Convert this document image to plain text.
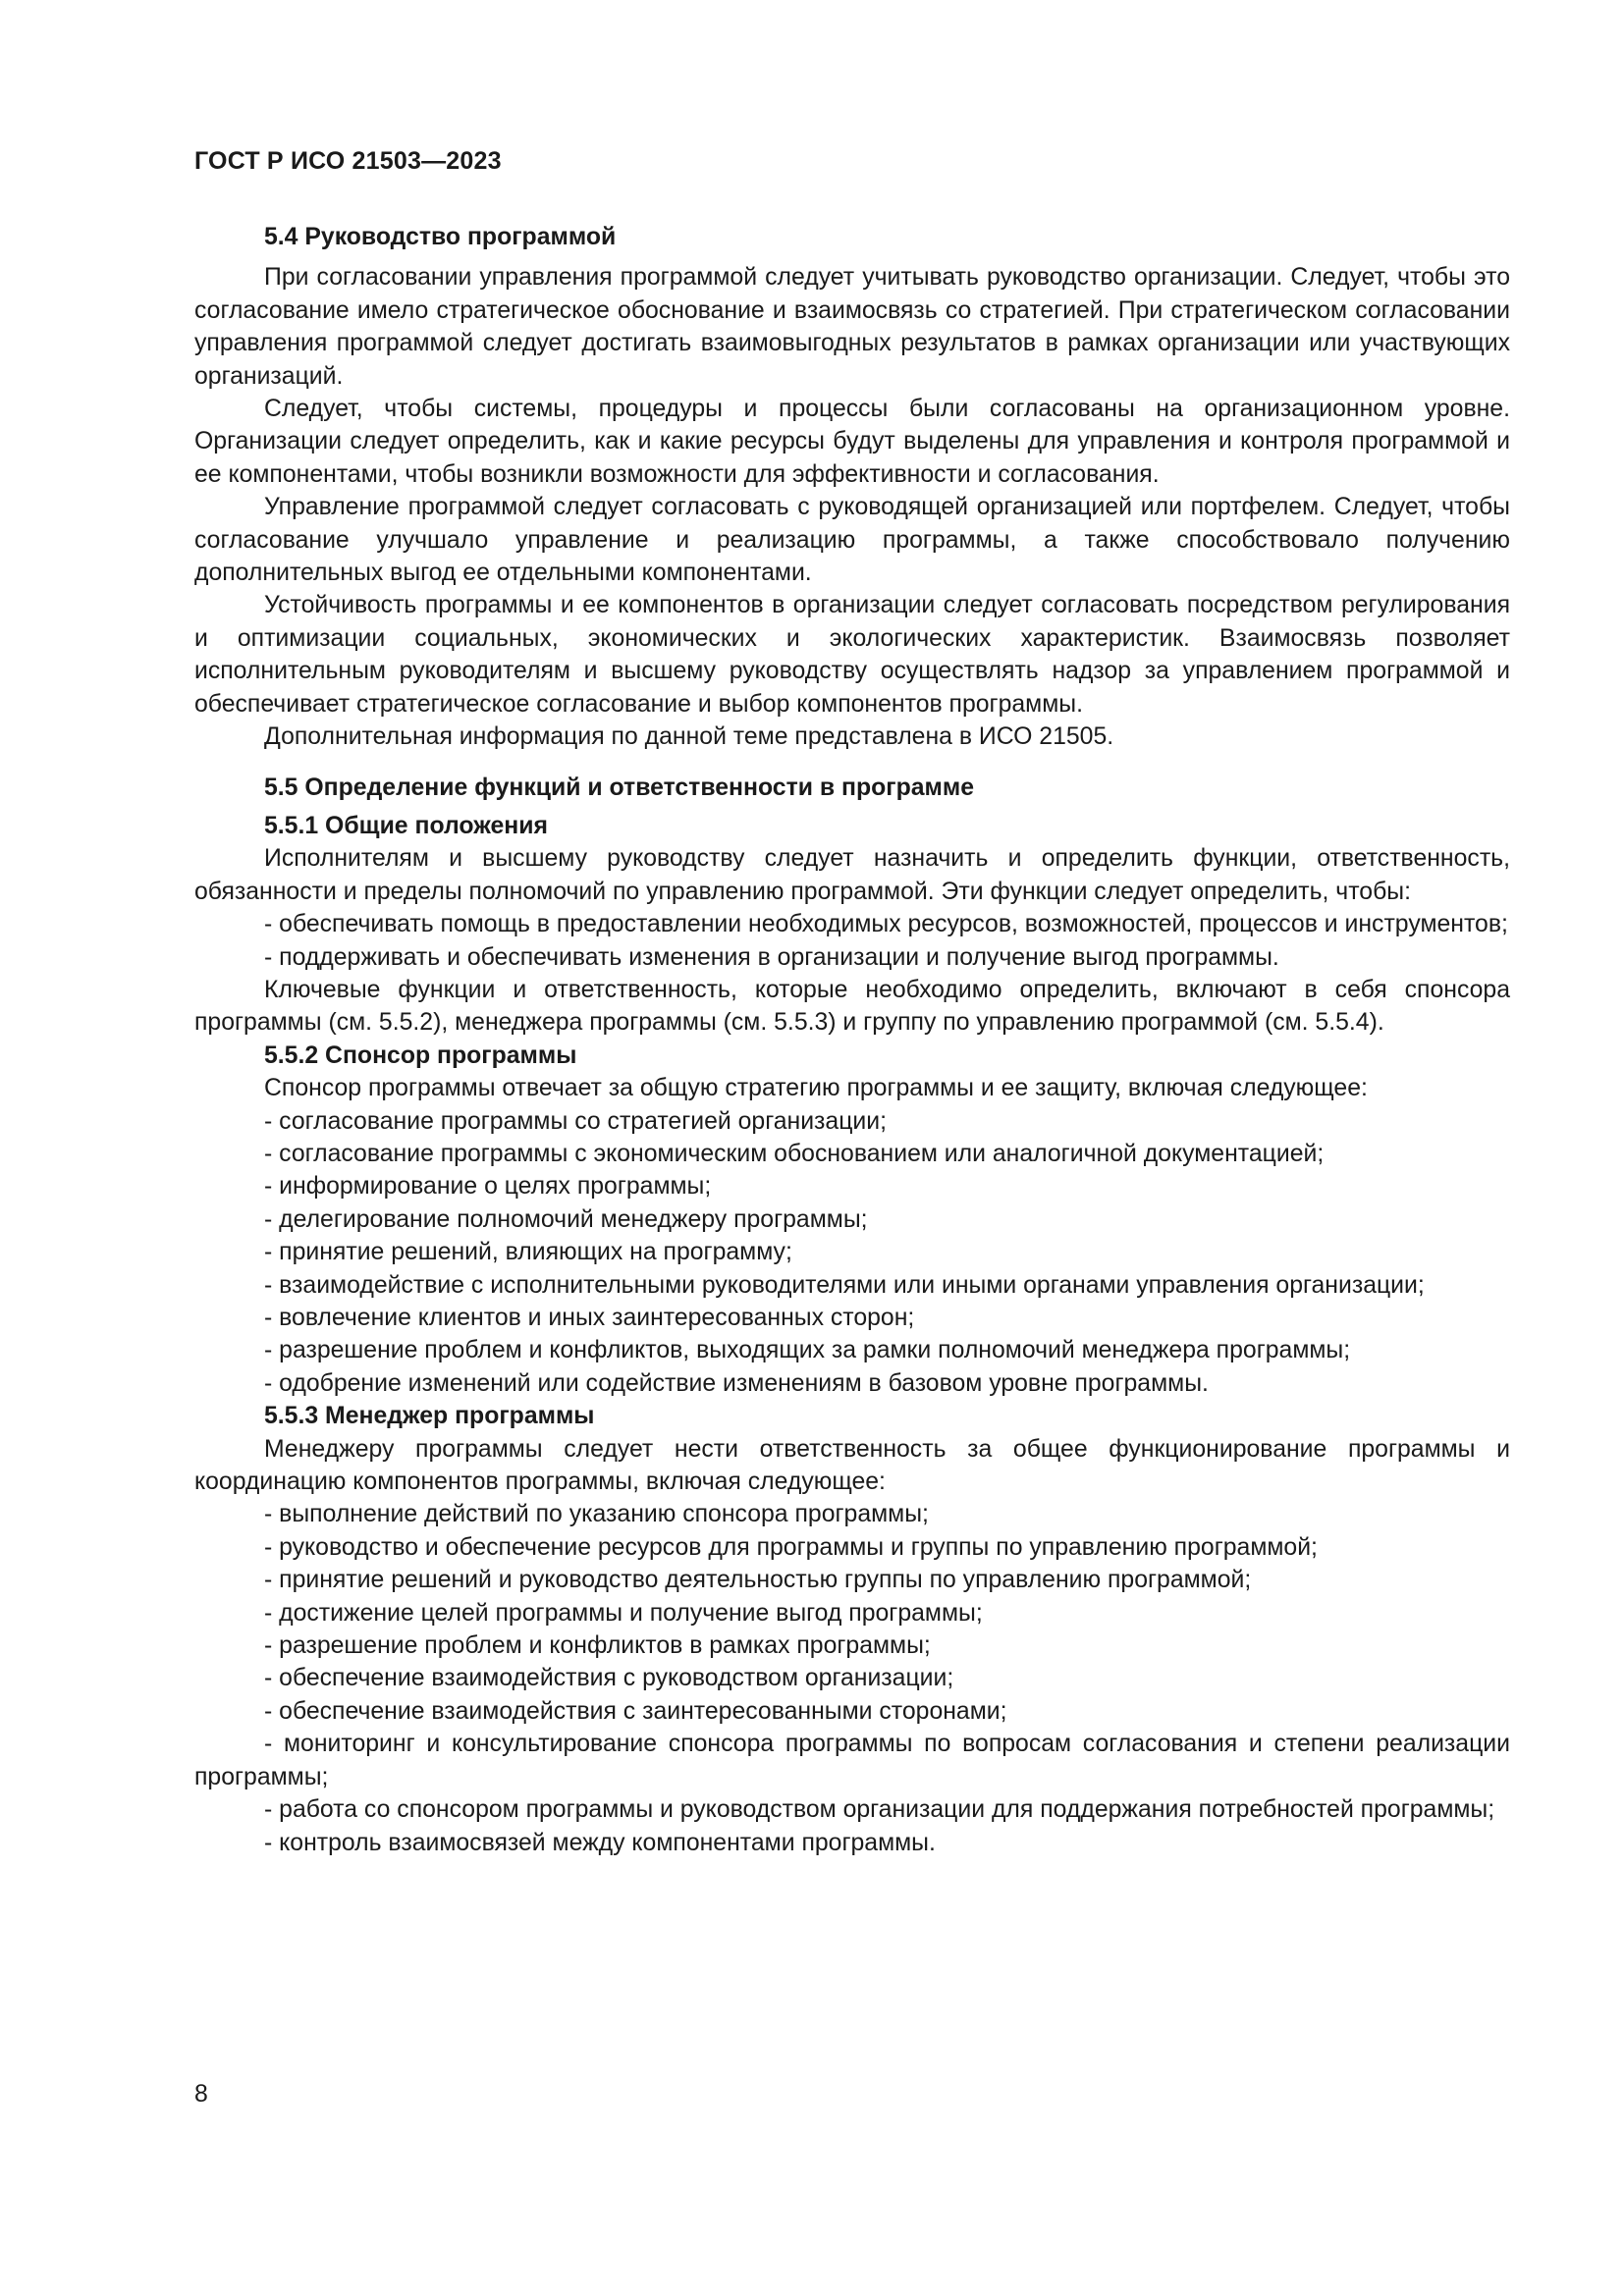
ГОСТ Р ИСО 21503—2023
5.4 Руководство программой

При согласовании управления программой следует учитывать руководство организации. Следует, чтобы это согласование имело стратегическое обоснование и взаимосвязь со стратегией. При стратегическом согласовании управления программой следует достигать взаимовыгодных результатов в рамках организации или участвующих организаций.

Следует, чтобы системы, процедуры и процессы были согласованы на организационном уровне. Организации следует определить, как и какие ресурсы будут выделены для управления и контроля программой и ее компонентами, чтобы возникли возможности для эффективности и согласования.

Управление программой следует согласовать с руководящей организацией или портфелем. Следует, чтобы согласование улучшало управление и реализацию программы, а также способствовало получению дополнительных выгод ее отдельными компонентами.

Устойчивость программы и ее компонентов в организации следует согласовать посредством регулирования и оптимизации социальных, экономических и экологических характеристик. Взаимосвязь позволяет исполнительным руководителям и высшему руководству осуществлять надзор за управлением программой и обеспечивает стратегическое согласование и выбор компонентов программы.

Дополнительная информация по данной теме представлена в ИСО 21505.

5.5 Определение функций и ответственности в программе
5.5.1 Общие положения

Исполнителям и высшему руководству следует назначить и определить функции, ответственность, обязанности и пределы полномочий по управлению программой. Эти функции следует определить, чтобы:

- обеспечивать помощь в предоставлении необходимых ресурсов, возможностей, процессов и инструментов;

- поддерживать и обеспечивать изменения в организации и получение выгод программы.

Ключевые функции и ответственность, которые необходимо определить, включают в себя спонсора программы (см. 5.5.2), менеджера программы (см. 5.5.3) и группу по управлению программой (см. 5.5.4).

5.5.2 Спонсор программы

Спонсор программы отвечает за общую стратегию программы и ее защиту, включая следующее:

- согласование программы со стратегией организации;

- согласование программы с экономическим обоснованием или аналогичной документацией;

- информирование о целях программы;

- делегирование полномочий менеджеру программы;

- принятие решений, влияющих на программу;

- взаимодействие с исполнительными руководителями или иными органами управления организации;

- вовлечение клиентов и иных заинтересованных сторон;

- разрешение проблем и конфликтов, выходящих за рамки полномочий менеджера программы;

- одобрение изменений или содействие изменениям в базовом уровне программы.

5.5.3 Менеджер программы

Менеджеру программы следует нести ответственность за общее функционирование программы и координацию компонентов программы, включая следующее:

- выполнение действий по указанию спонсора программы;

- руководство и обеспечение ресурсов для программы и группы по управлению программой;

- принятие решений и руководство деятельностью группы по управлению программой;

- достижение целей программы и получение выгод программы;

- разрешение проблем и конфликтов в рамках программы;

- обеспечение взаимодействия с руководством организации;

- обеспечение взаимодействия с заинтересованными сторонами;

- мониторинг и консультирование спонсора программы по вопросам согласования и степени реализации программы;

- работа со спонсором программы и руководством организации для поддержания потребностей программы;

- контроль взаимосвязей между компонентами программы.

8
